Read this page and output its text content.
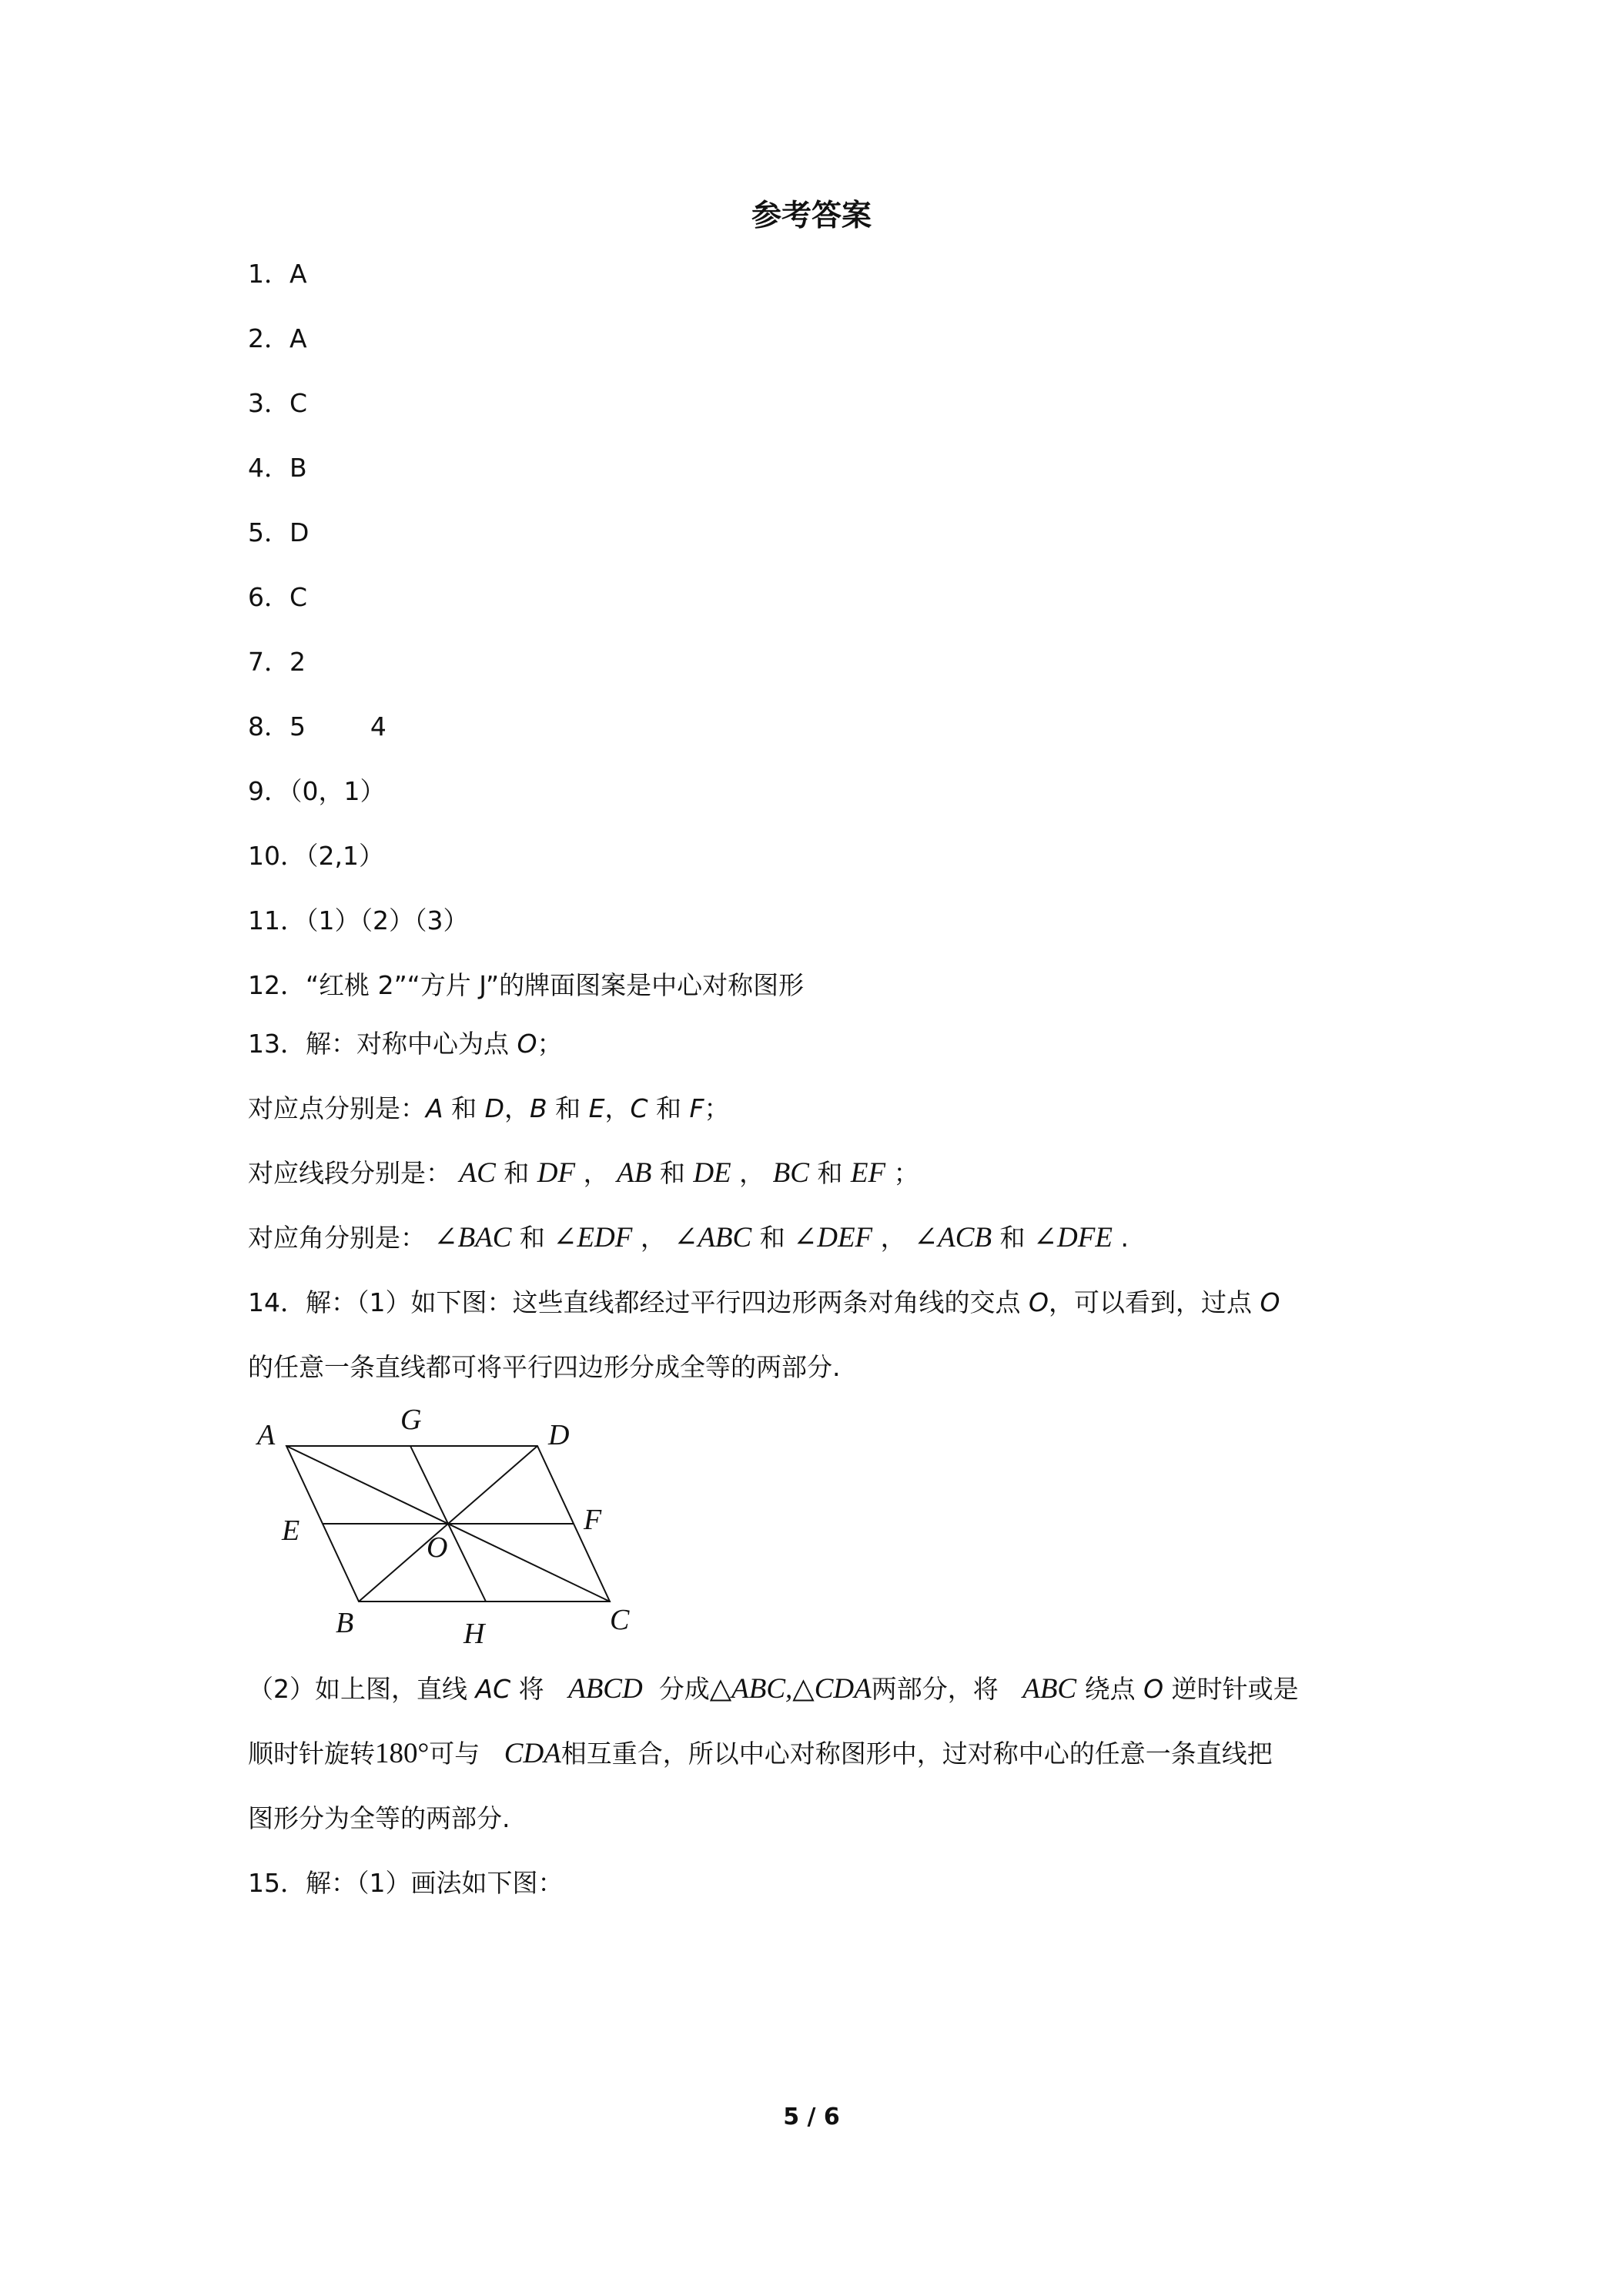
参考答案
1．A
2．A
3．C
4．B
5．D
6．C
7．2
8．5        4
9．（0，1）
10．（2,1）
11．（1）（2）（3）
12．“红桃 2”“方片 J”的牌面图案是中心对称图形
13．解：对称中心为点 O；
对应点分别是：A 和 D，B 和 E，C 和 F；
对应线段分别是： AC 和 DF ， AB 和 DE ， BC 和 EF ；
对应角分别是： ∠BAC 和 ∠EDF ， ∠ABC 和 ∠DEF ， ∠ACB 和 ∠DFE .
14．解：（1）如下图：这些直线都经过平行四边形两条对角线的交点 O，可以看到，过点 O
的任意一条直线都可将平行四边形分成全等的两部分.
A	G	D
E	F
O
B	H	C
（2）如上图，直线 AC 将 ABCD 分成△ABC,△CDA两部分，将 ABC 绕点 O 逆时针或是
顺时针旋转180°可与 CDA相互重合，所以中心对称图形中，过对称中心的任意一条直线把
图形分为全等的两部分.
15．解：（1）画法如下图：
5 / 6
